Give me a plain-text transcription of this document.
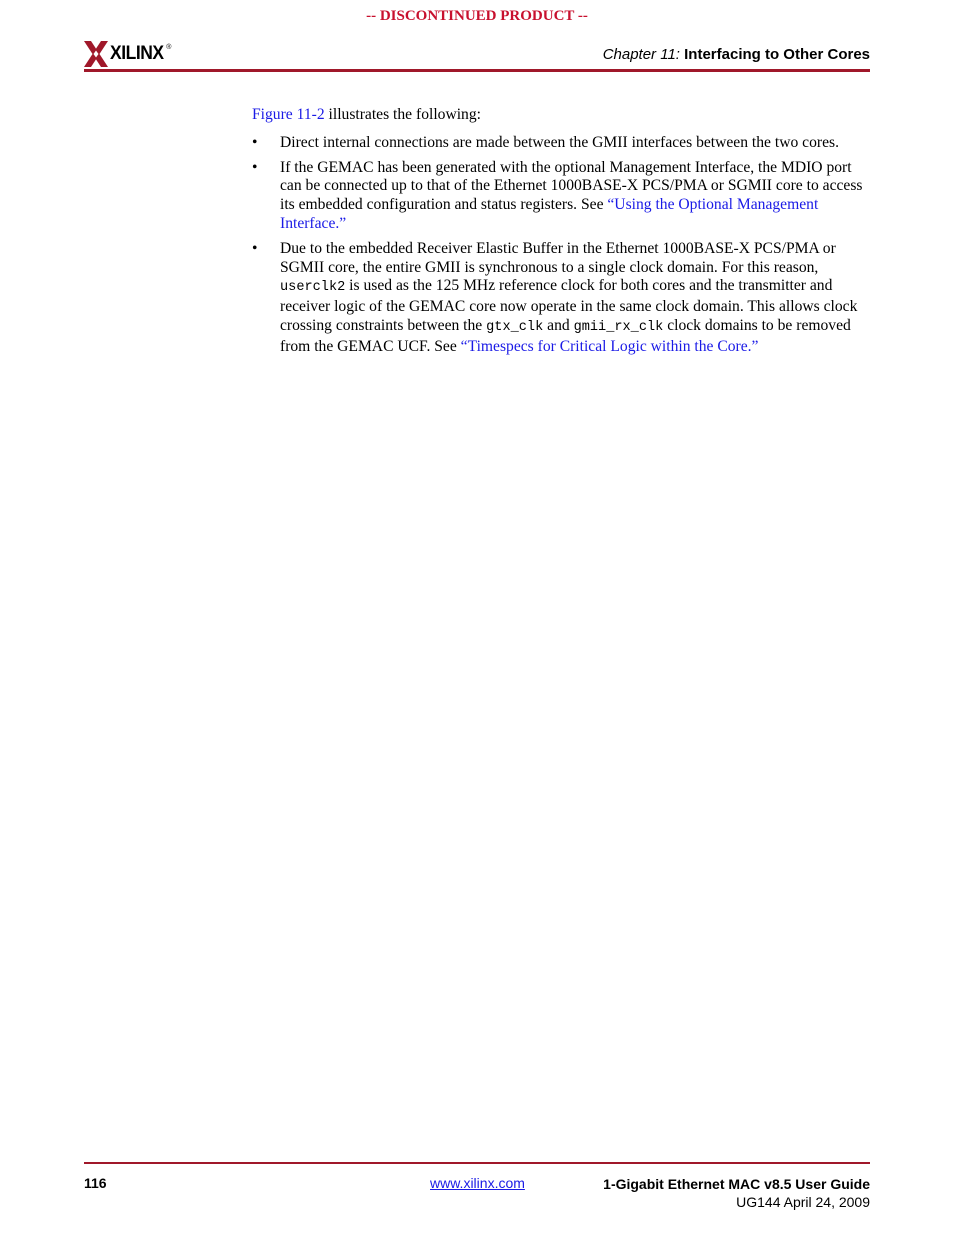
-- DISCONTINUED PRODUCT --
XILINX ®	Chapter 11: Interfacing to Other Cores

Figure 11-2 illustrates the following:

• Direct internal connections are made between the GMII interfaces between the two cores.
• If the GEMAC has been generated with the optional Management Interface, the MDIO port can be connected up to that of the Ethernet 1000BASE-X PCS/PMA or SGMII core to access its embedded configuration and status registers. See “Using the Optional Management Interface.”
• Due to the embedded Receiver Elastic Buffer in the Ethernet 1000BASE-X PCS/PMA or SGMII core, the entire GMII is synchronous to a single clock domain. For this reason, userclk2 is used as the 125 MHz reference clock for both cores and the transmitter and receiver logic of the GEMAC core now operate in the same clock domain. This allows clock crossing constraints between the gtx_clk and gmii_rx_clk clock domains to be removed from the GEMAC UCF. See “Timespecs for Critical Logic within the Core.”
116	www.xilinx.com	1-Gigabit Ethernet MAC v8.5 User Guide
UG144 April 24, 2009
